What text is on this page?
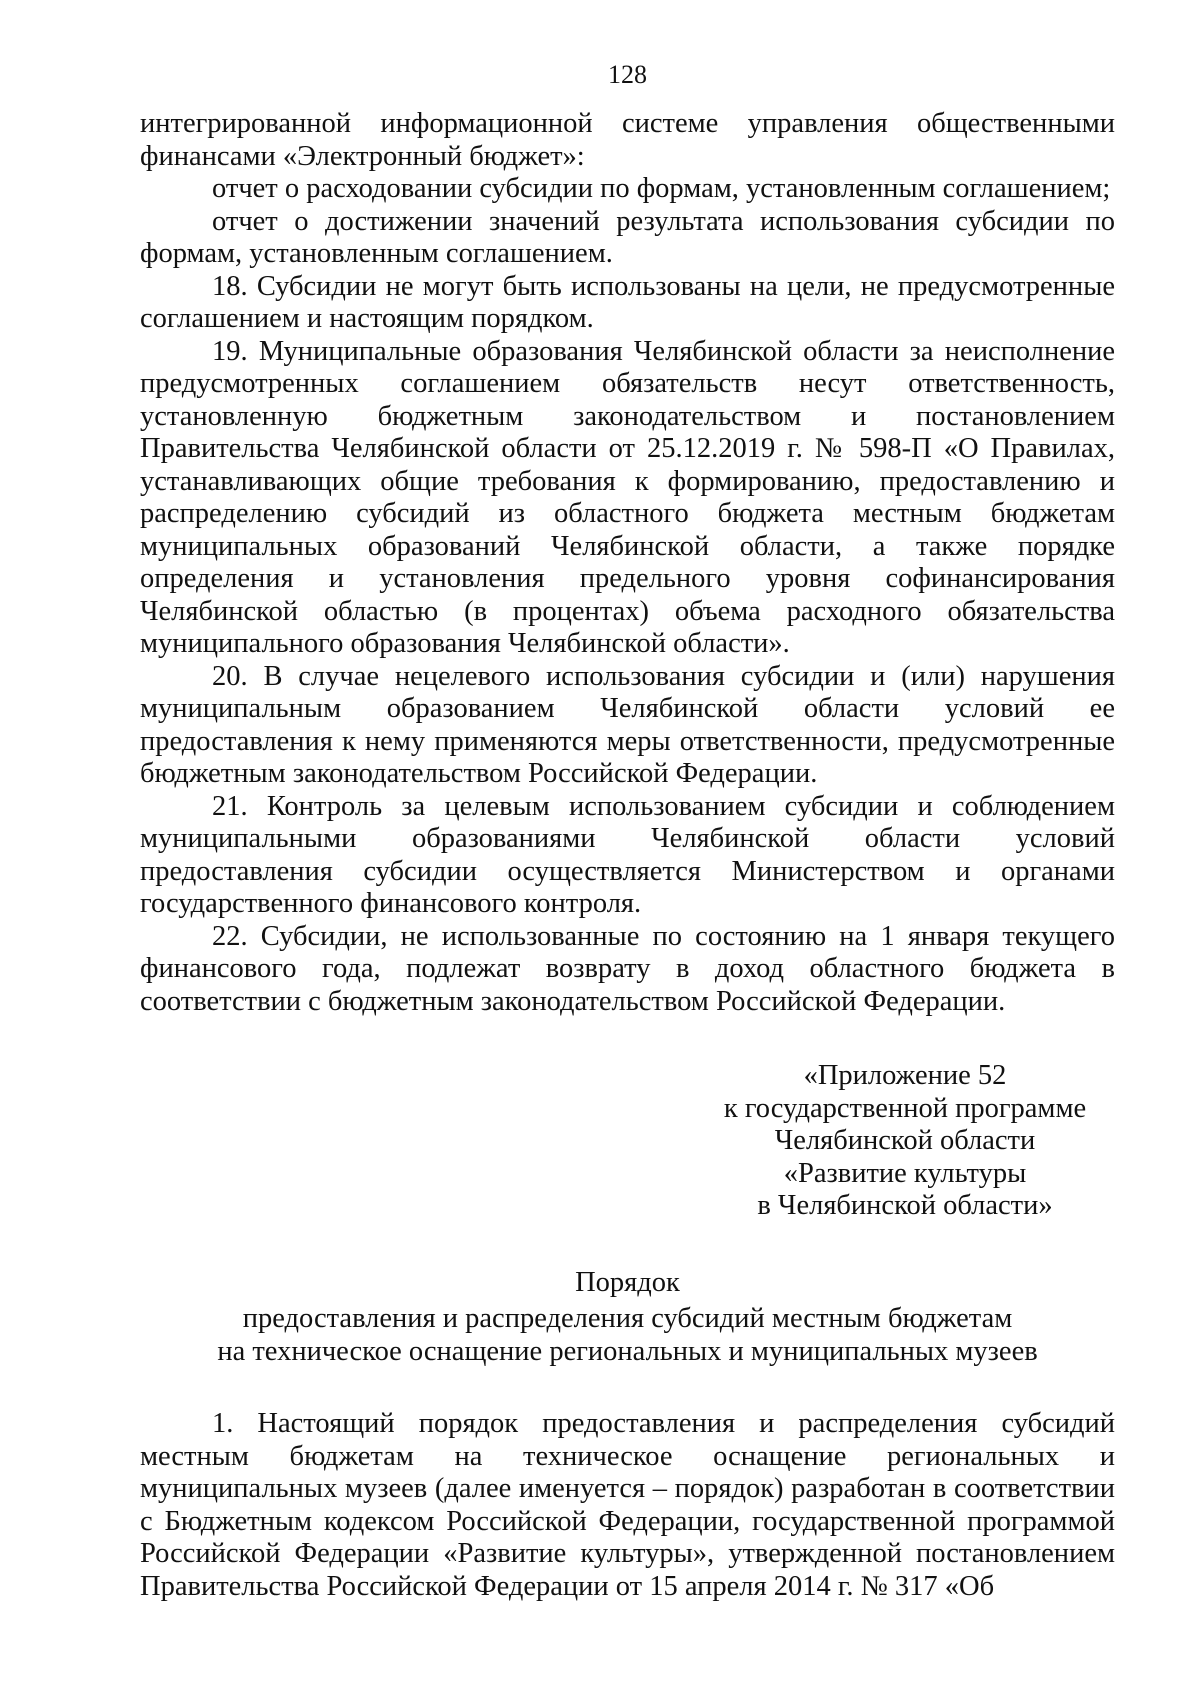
128

интегрированной информационной системе управления общественными финансами «Электронный бюджет»:

отчет о расходовании субсидии по формам, установленным соглашением;

отчет о достижении значений результата использования субсидии по формам, установленным соглашением.

18. Субсидии не могут быть использованы на цели, не предусмотренные соглашением и настоящим порядком.

19. Муниципальные образования Челябинской области за неисполнение предусмотренных соглашением обязательств несут ответственность, установленную бюджетным законодательством и постановлением Правительства Челябинской области от 25.12.2019 г. № 598-П «О Правилах, устанавливающих общие требования к формированию, предоставлению и распределению субсидий из областного бюджета местным бюджетам муниципальных образований Челябинской области, а также порядке определения и установления предельного уровня софинансирования Челябинской областью (в процентах) объема расходного обязательства муниципального образования Челябинской области».

20. В случае нецелевого использования субсидии и (или) нарушения муниципальным образованием Челябинской области условий ее предоставления к нему применяются меры ответственности, предусмотренные бюджетным законодательством Российской Федерации.

21. Контроль за целевым использованием субсидии и соблюдением муниципальными образованиями Челябинской области условий предоставления субсидии осуществляется Министерством и органами государственного финансового контроля.

22. Субсидии, не использованные по состоянию на 1 января текущего финансового года, подлежат возврату в доход областного бюджета в соответствии с бюджетным законодательством Российской Федерации.

«Приложение 52
к государственной программе
Челябинской области
«Развитие культуры
в Челябинской области»
Порядок
предоставления и распределения субсидий местным бюджетам
на техническое оснащение региональных и муниципальных музеев

1. Настоящий порядок предоставления и распределения субсидий местным бюджетам на техническое оснащение региональных и муниципальных музеев (далее именуется – порядок) разработан в соответствии с Бюджетным кодексом Российской Федерации, государственной программой Российской Федерации «Развитие культуры», утвержденной постановлением Правительства Российской Федерации от 15 апреля 2014 г. № 317 «Об
